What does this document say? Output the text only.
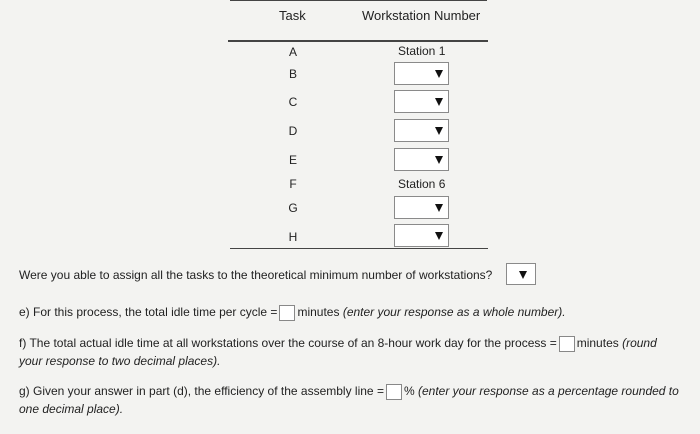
Task	Workstation Number
A
B
C
D
E
F
G
H
Station 1
Station 6
Were you able to assign all the tasks to the theoretical minimum number of workstations?
e) For this process, the total idle time per cycle = minutes (enter your response as a whole number).
f) The total actual idle time at all workstations over the course of an 8-hour work day for the process = minutes (round
your response to two decimal places).
g) Given your answer in part (d), the efficiency of the assembly line = % (enter your response as a percentage rounded to
one decimal place).
